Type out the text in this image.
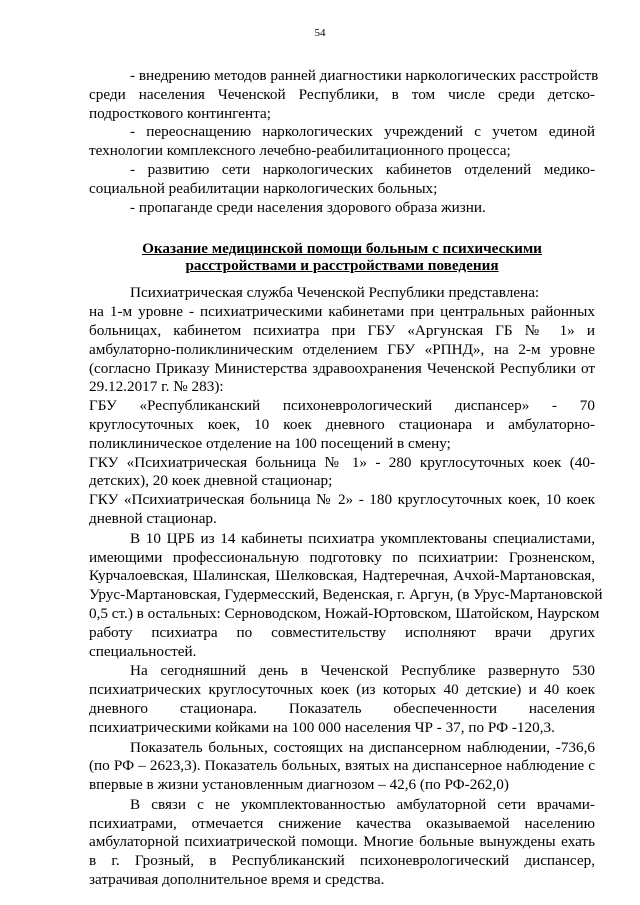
54
- внедрению методов ранней диагностики наркологических расстройств
среди населения Чеченской Республики, в том числе среди детско-
подросткового контингента;
- переоснащению наркологических учреждений с учетом единой
технологии комплексного лечебно-реабилитационного процесса;
- развитию сети наркологических кабинетов отделений медико-
социальной реабилитации наркологических больных;
- пропаганде среди населения здорового образа жизни.
Оказание медицинской помощи больным с психическими
расстройствами и расстройствами поведения
Психиатрическая служба Чеченской Республики представлена:
на 1-м уровне - психиатрическими кабинетами при центральных районных
больницах, кабинетом психиатра при ГБУ «Аргунская ГБ № 1» и
амбулаторно-поликлиническим отделением ГБУ «РПНД», на 2-м уровне
(согласно Приказу Министерства здравоохранения Чеченской Республики от
29.12.2017 г. № 283):
ГБУ «Республиканский психоневрологический диспансер» - 70
круглосуточных коек, 10 коек дневного стационара и амбулаторно-
поликлиническое отделение на 100 посещений в смену;
ГКУ «Психиатрическая больница № 1» - 280 круглосуточных коек (40-
детских), 20 коек дневной стационар;
ГКУ «Психиатрическая больница № 2» - 180 круглосуточных коек, 10 коек
дневной стационар.
В 10 ЦРБ из 14 кабинеты психиатра укомплектованы специалистами,
имеющими профессиональную подготовку по психиатрии: Грозненском,
Курчалоевская, Шалинская, Шелковская, Надтеречная, Ачхой-Мартановская,
Урус-Мартановская, Гудермесский, Веденская, г. Аргун, (в Урус-Мартановской
0,5 ст.) в остальных: Серноводском, Ножай-Юртовском, Шатойском, Наурском
работу психиатра по совместительству исполняют врачи других
специальностей.
На сегодняшний день в Чеченской Республике развернуто 530
психиатрических круглосуточных коек (из которых 40 детские) и 40 коек
дневного стационара. Показатель обеспеченности населения
психиатрическими койками на 100 000 населения ЧР - 37, по РФ -120,3.
Показатель больных, состоящих на диспансерном наблюдении, -736,6
(по РФ – 2623,3). Показатель больных, взятых на диспансерное наблюдение с
впервые в жизни установленным диагнозом – 42,6 (по РФ-262,0)
В связи с не укомплектованностью амбулаторной сети врачами-
психиатрами, отмечается снижение качества оказываемой населению
амбулаторной психиатрической помощи. Многие больные вынуждены ехать
в г. Грозный, в Республиканский психоневрологический диспансер,
затрачивая дополнительное время и средства.
